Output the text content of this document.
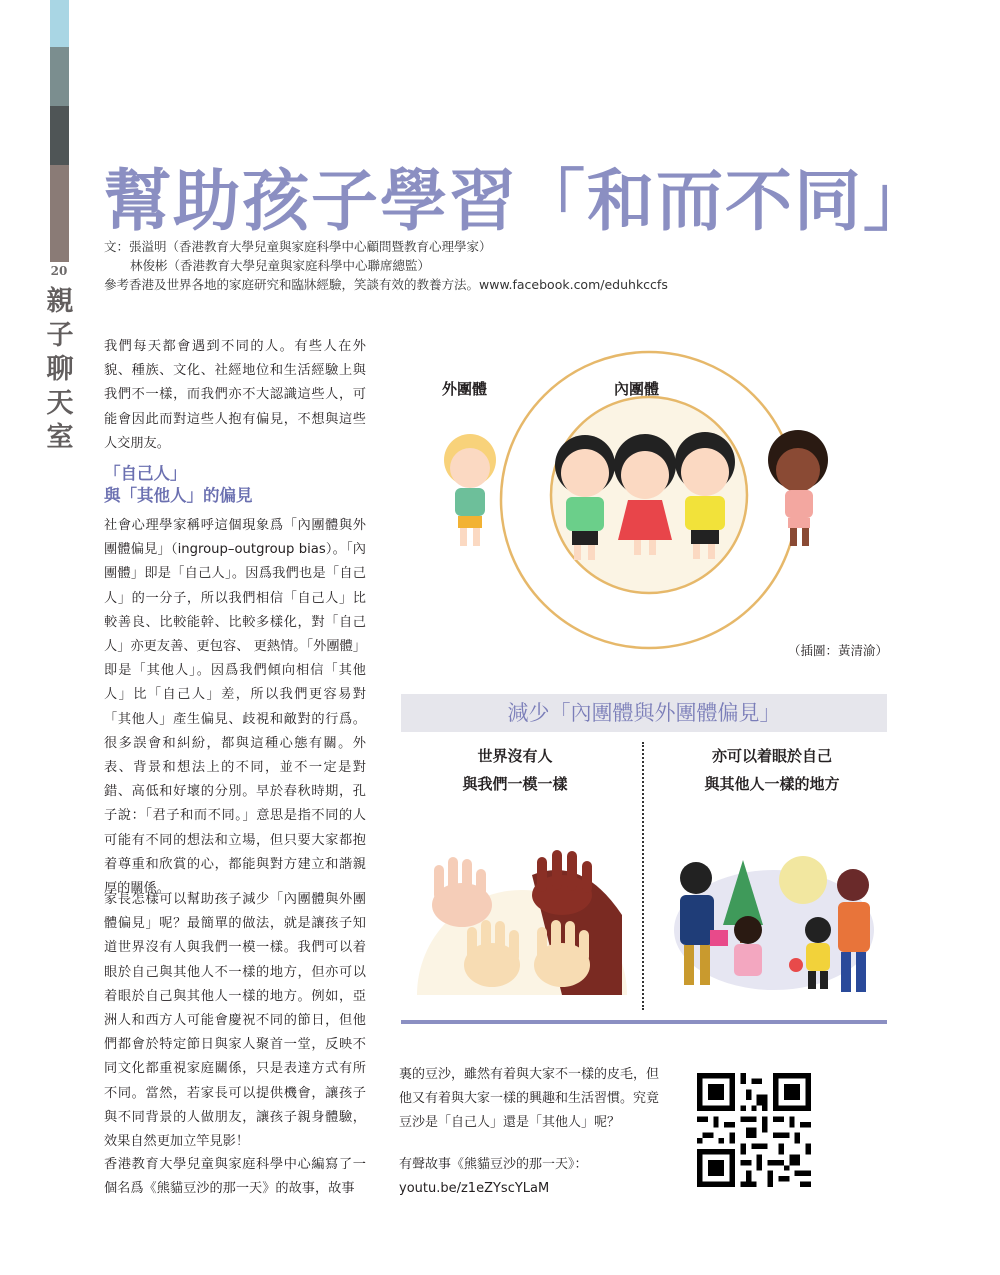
20
親
子
聊
天
室
幫助孩子學習「和而不同」
文：張溢明（香港教育大學兒童與家庭科學中心顧問暨教育心理學家）
林俊彬（香港教育大學兒童與家庭科學中心聯席總監）
參考香港及世界各地的家庭研究和臨牀經驗，笑談有效的教養方法。www.facebook.com/eduhkccfs

我們每天都會遇到不同的人。有些人在外貌、種族、文化、社經地位和生活經驗上與我們不一樣，而我們亦不大認識這些人，可能會因此而對這些人抱有偏見，不想與這些人交朋友。

「自己人」
與「其他人」的偏見

社會心理學家稱呼這個現象爲「內團體與外團體偏見」（ingroup–outgroup bias）。「內團體」即是「自己人」。因爲我們也是「自己人」的一分子，所以我們相信「自己人」比較善良、比較能幹、比較多樣化，對「自己人」亦更友善、更包容、 更熱情。「外團體」即是「其他人」。因爲我們傾向相信「其他人」比「自己人」差，所以我們更容易對「其他人」產生偏見、歧視和敵對的行爲。很多誤會和糾紛，都與這種心態有關。外表、背景和想法上的不同，並不一定是對錯、高低和好壞的分別。早於春秋時期，孔子說：「君子和而不同。」意思是指不同的人可能有不同的想法和立場，但只要大家都抱着尊重和欣賞的心，都能與對方建立和諧親厚的關係。

家長怎樣可以幫助孩子減少「內團體與外團體偏見」呢？最簡單的做法，就是讓孩子知道世界沒有人與我們一模一樣。我們可以着眼於自己與其他人不一樣的地方，但亦可以着眼於自己與其他人一樣的地方。例如，亞洲人和西方人可能會慶祝不同的節日，但他們都會於特定節日與家人聚首一堂，反映不同文化都重視家庭關係，只是表達方式有所不同。當然，若家長可以提供機會，讓孩子與不同背景的人做朋友，讓孩子親身體驗，效果自然更加立竿見影！

香港教育大學兒童與家庭科學中心編寫了一個名爲《熊貓豆沙的那一天》的故事，故事

外團體	內團體
（插圖：黃清渝）
減少「內團體與外團體偏見」
世界沒有人
與我們一模一樣
亦可以着眼於自己
與其他人一樣的地方
裏的豆沙，雖然有着與大家不一樣的皮毛，但他又有着與大家一樣的興趣和生活習慣。究竟豆沙是「自己人」還是「其他人」呢？
有聲故事《熊貓豆沙的那一天》：
youtu.be/z1eZYscYLaM
